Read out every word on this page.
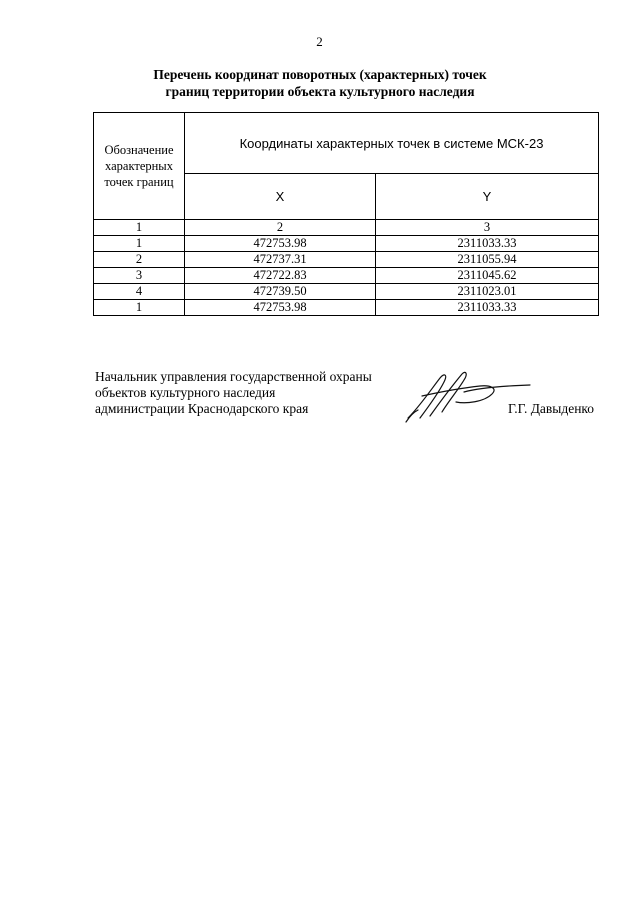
2
Перечень координат поворотных (характерных) точек
границ территории объекта культурного наследия
Обозначение
характерных
точек границ	Координаты характерных точек в системе МСК-23	
	X	Y
1	2	3
1	472753.98	2311033.33
2	472737.31	2311055.94
3	472722.83	2311045.62
4	472739.50	2311023.01
1	472753.98	2311033.33
Начальник управления государственной охраны
объектов культурного наследия
администрации Краснодарского края	Г.Г. Давыденко
